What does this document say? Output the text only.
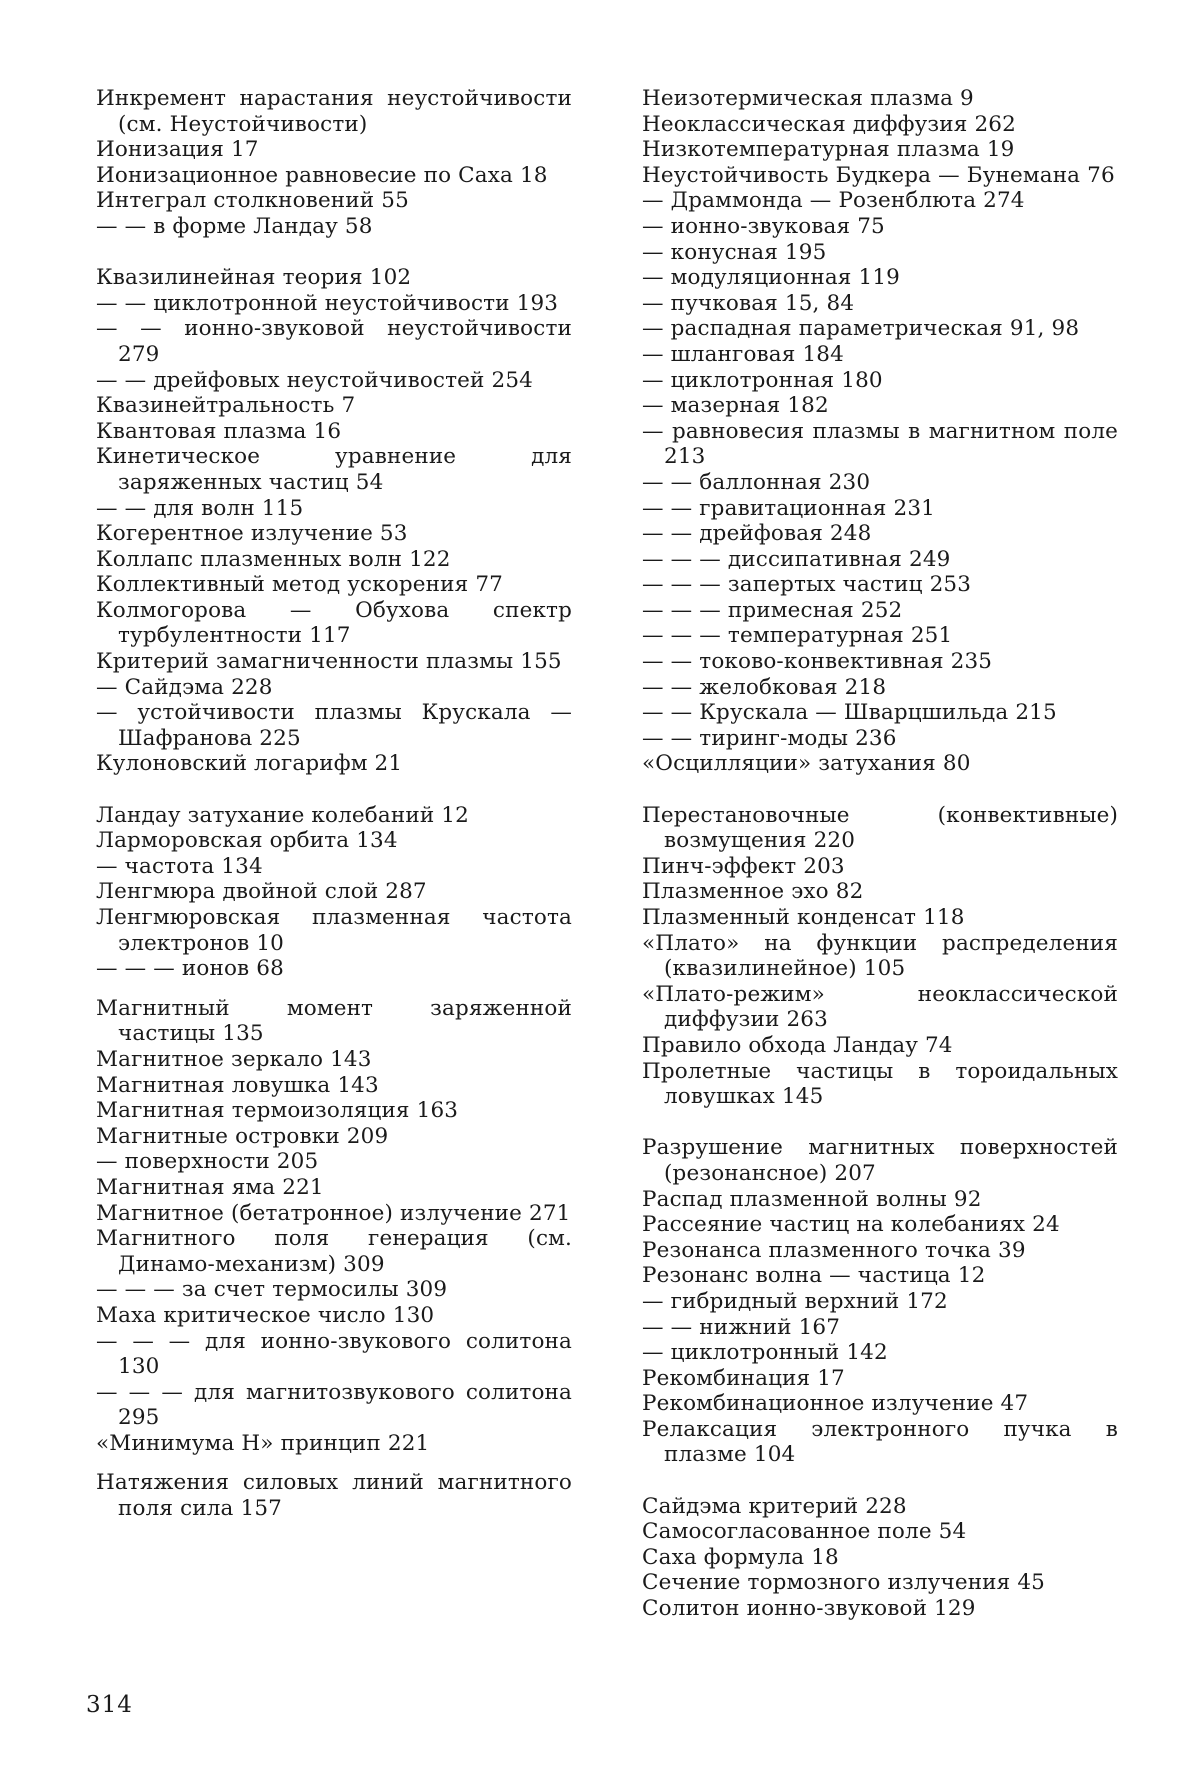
Инкремент нарастания неустойчивости (см. Неустойчивости)

Ионизация 17

Ионизационное равновесие по Саха 18

Интеграл столкновений 55

— — в форме Ландау 58

Квазилинейная теория 102

— — циклотронной неустойчивости 193

— — ионно-звуковой неустойчивости 279

— — дрейфовых неустойчивостей 254

Квазинейтральность 7

Квантовая плазма 16

Кинетическое уравнение для заряженных частиц 54

— — для волн 115

Когерентное излучение 53

Коллапс плазменных волн 122

Коллективный метод ускорения 77

Колмогорова — Обухова спектр турбулентности 117

Критерий замагниченности плазмы 155

— Сайдэма 228

— устойчивости плазмы Крускала — Шафранова 225

Кулоновский логарифм 21

Ландау затухание колебаний 12

Ларморовская орбита 134

— частота 134

Ленгмюра двойной слой 287

Ленгмюровская плазменная частота электронов 10

— — — ионов 68

Магнитный момент заряженной частицы 135

Магнитное зеркало 143

Магнитная ловушка 143

Магнитная термоизоляция 163

Магнитные островки 209

— поверхности 205

Магнитная яма 221

Магнитное (бетатронное) излучение 271

Магнитного поля генерация (см. Динамо-механизм) 309

— — — за счет термосилы 309

Маха критическое число 130

— — — для ионно-звукового солитона 130

— — — для магнитозвукового солитона 295

«Минимума Н» принцип 221

Натяжения силовых линий магнитного поля сила 157

Неизотермическая плазма 9

Неоклассическая диффузия 262

Низкотемпературная плазма 19

Неустойчивость Будкера — Бунемана 76

— Драммонда — Розенблюта 274

— ионно-звуковая 75

— конусная 195

— модуляционная 119

— пучковая 15, 84

— распадная параметрическая 91, 98

— шланговая 184

— циклотронная 180

— мазерная 182

— равновесия плазмы в магнитном поле 213

— — баллонная 230

— — гравитационная 231

— — дрейфовая 248

— — — диссипативная 249

— — — запертых частиц 253

— — — примесная 252

— — — температурная 251

— — токово-конвективная 235

— — желобковая 218

— — Крускала — Шварцшильда 215

— — тиринг-моды 236

«Осцилляции» затухания 80

Перестановочные (конвективные) возмущения 220

Пинч-эффект 203

Плазменное эхо 82

Плазменный конденсат 118

«Плато» на функции распределения (квазилинейное) 105

«Плато-режим» неоклассической диффузии 263

Правило обхода Ландау 74

Пролетные частицы в тороидальных ловушках 145

Разрушение магнитных поверхностей (резонансное) 207

Распад плазменной волны 92

Рассеяние частиц на колебаниях 24

Резонанса плазменного точка 39

Резонанс волна — частица 12

— гибридный верхний 172

— — нижний 167

— циклотронный 142

Рекомбинация 17

Рекомбинационное излучение 47

Релаксация электронного пучка в плазме 104

Сайдэма критерий 228

Самосогласованное поле 54

Саха формула 18

Сечение тормозного излучения 45

Солитон ионно-звуковой 129

314
